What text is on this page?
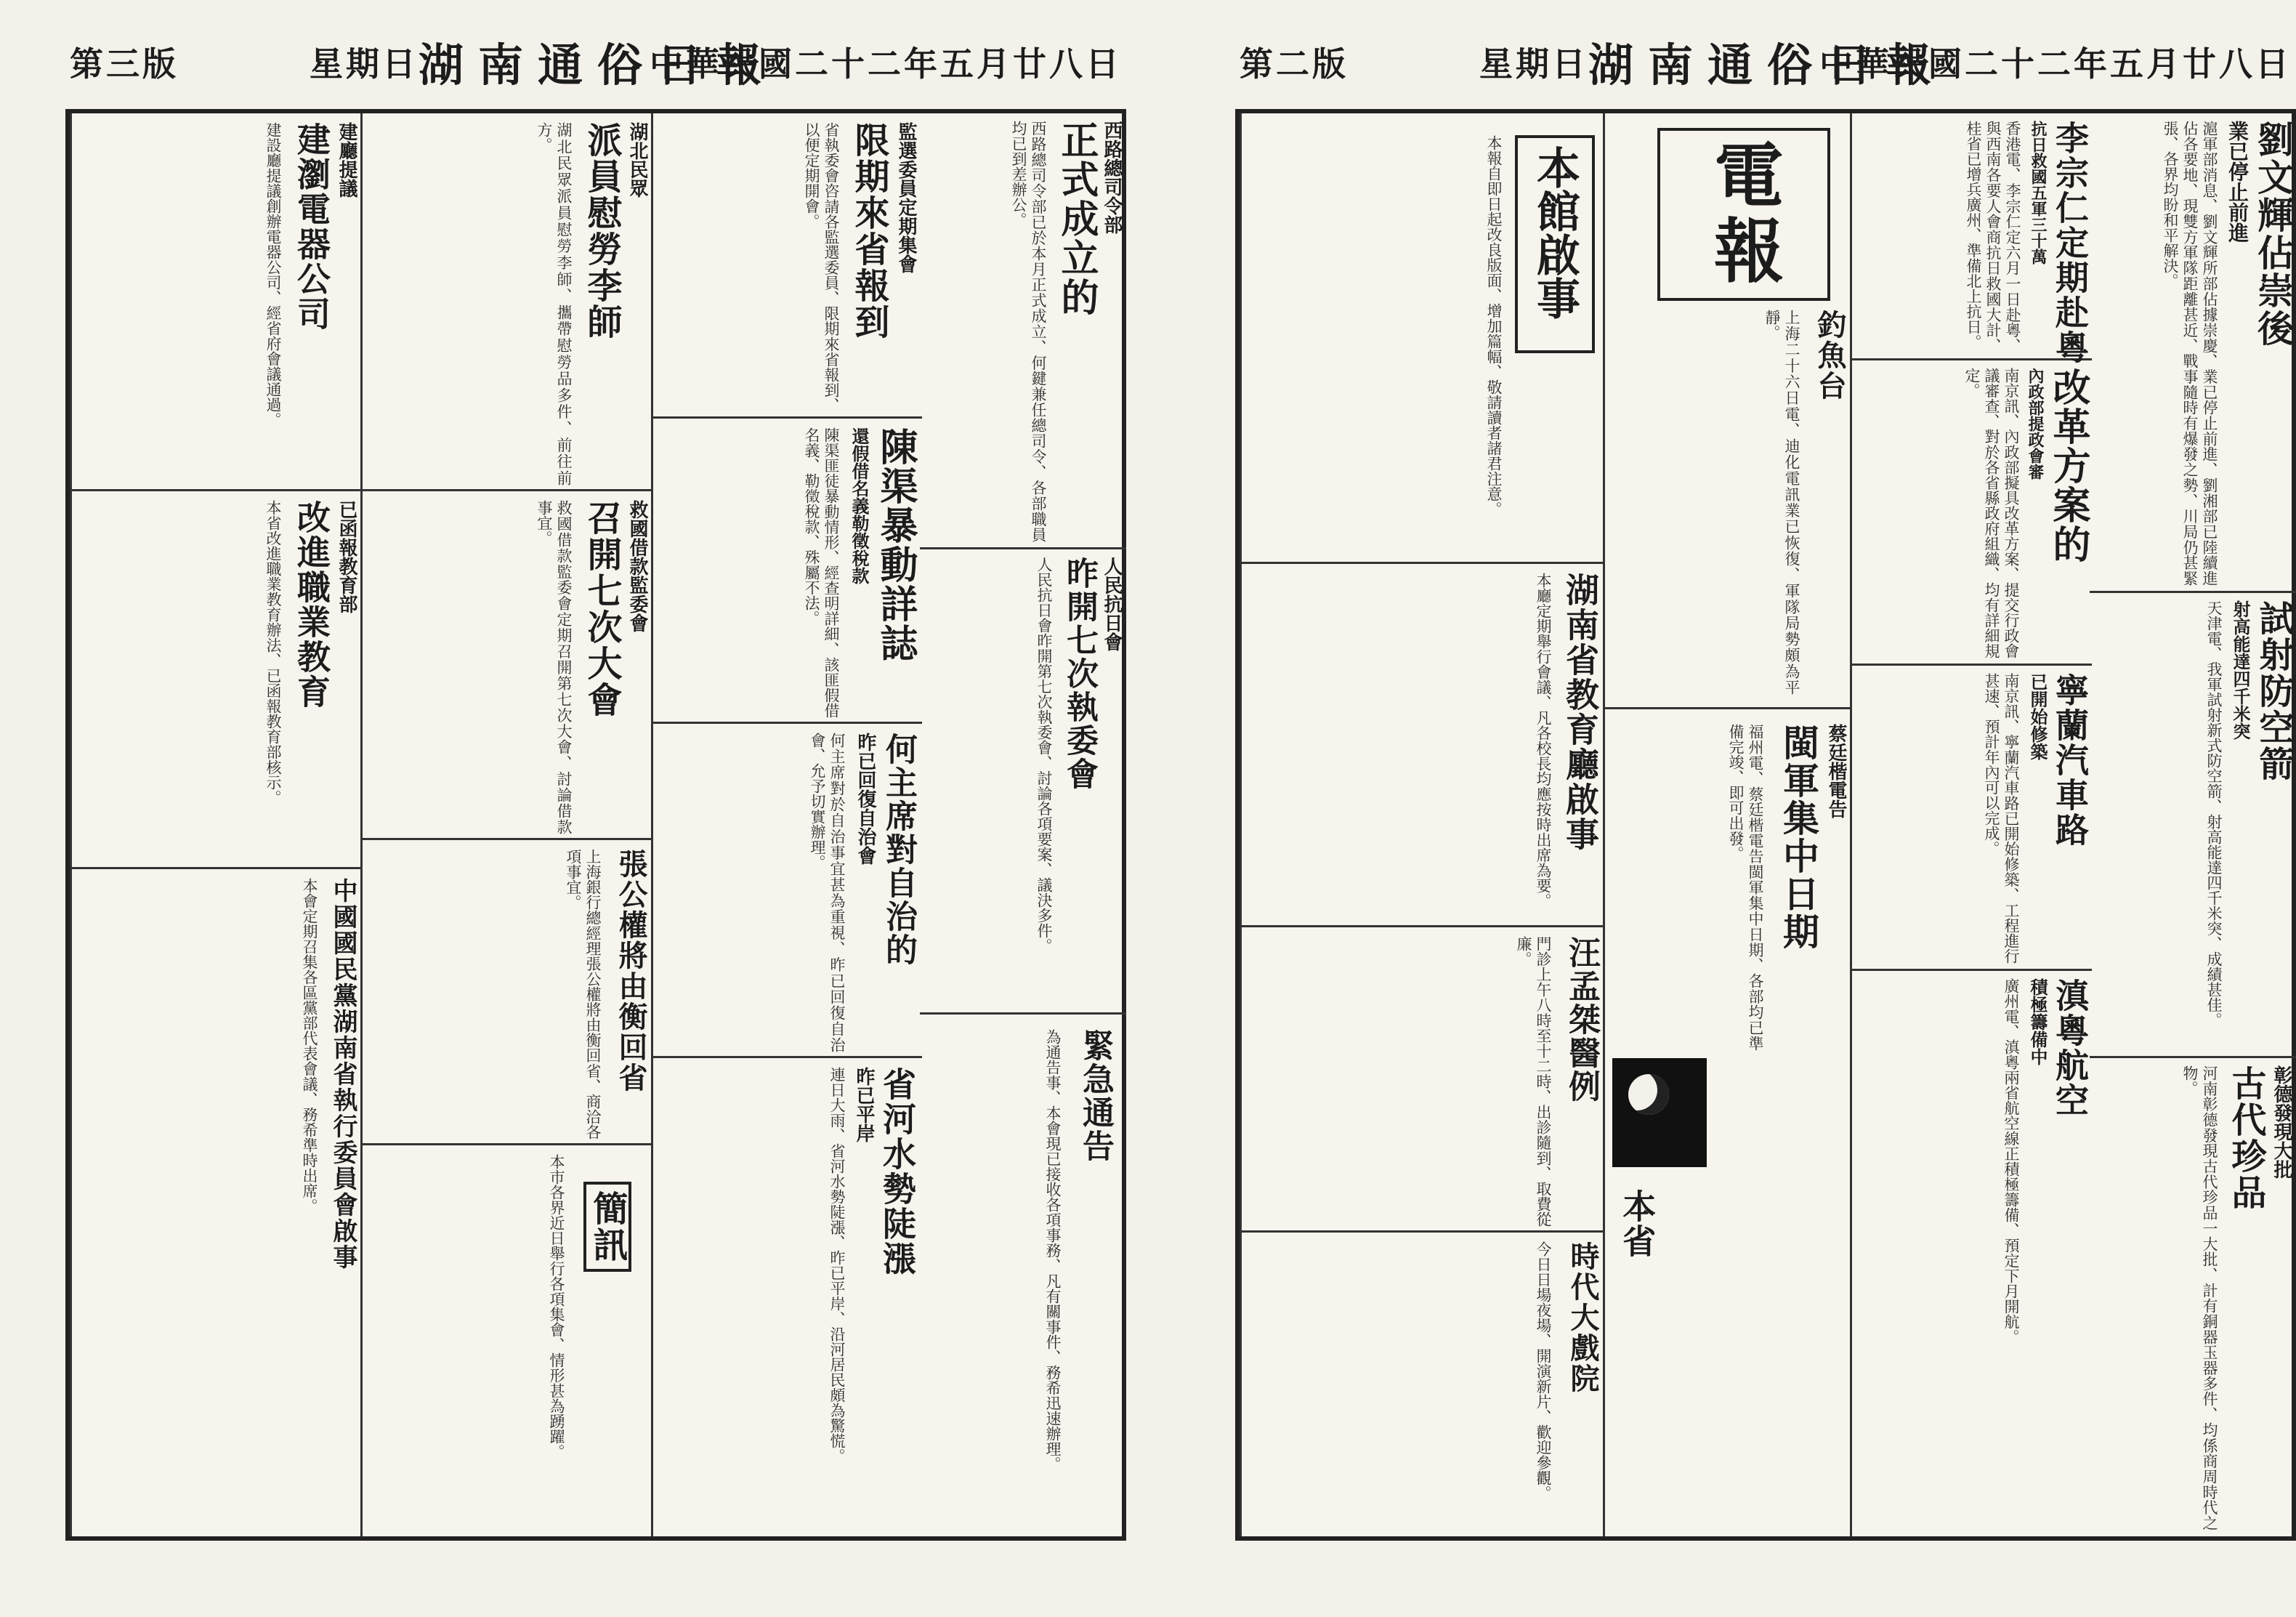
第三版	星期日 湖南通俗日報
中華民國二十二年五月廿八日
西路總司令部
正式成立的
西路總司令部已於本月正式成立、何鍵兼任總司令、各部職員均已到差辦公。
人民抗日會
昨開七次執委會
人民抗日會昨開第七次執委會、討論各項要案、議決多件。
緊急通告
為通告事、本會現已接收各項事務、凡有關事件、務希迅速辦理。
監選委員定期集會
限期來省報到
省執委會咨請各監選委員、限期來省報到、以便定期開會。
陳渠暴動詳誌
還假借名義勒徵稅款
陳渠匪徒暴動情形、經查明詳細、該匪假借名義、勒徵稅款、殊屬不法。
何主席對自治的
昨已回復自治會
何主席對於自治事宜甚為重視、昨已回復自治會、允予切實辦理。
省河水勢陡漲
昨已平岸
連日大雨、省河水勢陡漲、昨已平岸、沿河居民頗為驚慌。
湖北民眾
派員慰勞李師
湖北民眾派員慰勞李師、攜帶慰勞品多件、前往前方。
救國借款監委會
召開七次大會
救國借款監委會定期召開第七次大會、討論借款事宜。
張公權將由衡回省
上海銀行總經理張公權將由衡回省、商洽各項事宜。
簡訊
本市各界近日舉行各項集會、情形甚為踴躍。
建廳提議
建瀏電器公司
建設廳提議創辦電器公司、經省府會議通過。
已函報教育部
改進職業教育
本省改進職業教育辦法、已函報教育部核示。
中國國民黨湖南省執行委員會啟事
本會定期召集各區黨部代表會議、務希準時出席。
第二版	星期日 湖南通俗日報
中華民國二十二年五月廿八日
劉文輝佔崇後
業已停止前進
滬軍部消息、劉文輝所部佔據崇慶、業已停止前進、劉湘部已陸續進佔各要地、現雙方軍隊距離甚近、戰事隨時有爆發之勢、川局仍甚緊張、各界均盼和平解決。
試射防空箭
射高能達四千米突
天津電、我軍試射新式防空箭、射高能達四千米突、成績甚佳。
彰德發現大批
古代珍品
河南彰德發現古代珍品一大批、計有銅器玉器多件、均係商周時代之物。
李宗仁定期赴粵
抗日救國五軍三十萬
香港電、李宗仁定六月一日赴粵、與西南各要人會商抗日救國大計、桂省已增兵廣州、準備北上抗日。
改革方案的
內政部提政會審
南京訊、內政部擬具改革方案、提交行政會議審查、對於各省縣政府組織、均有詳細規定。
寧蘭汽車路
已開始修築
南京訊、寧蘭汽車路已開始修築、工程進行甚速、預計年內可以完成。
滇粵航空
積極籌備中
廣州電、滇粵兩省航空線正積極籌備、預定下月開航。
電報
釣魚台
上海二十六日電、迪化電訊業已恢復、軍隊局勢頗為平靜。
本省
蔡廷楷電告
閩軍集中日期
福州電、蔡廷楷電告閩軍集中日期、各部均已準備完竣、即可出發。
本館啟事
本報自即日起改良版面、增加篇幅、敬請讀者諸君注意。
湖南省教育廳啟事
本廳定期舉行會議、凡各校長均應按時出席為要。
汪孟桀醫例
門診上午八時至十二時、出診隨到、取費從廉。
時代大戲院
今日日場夜場、開演新片、歡迎參觀。
